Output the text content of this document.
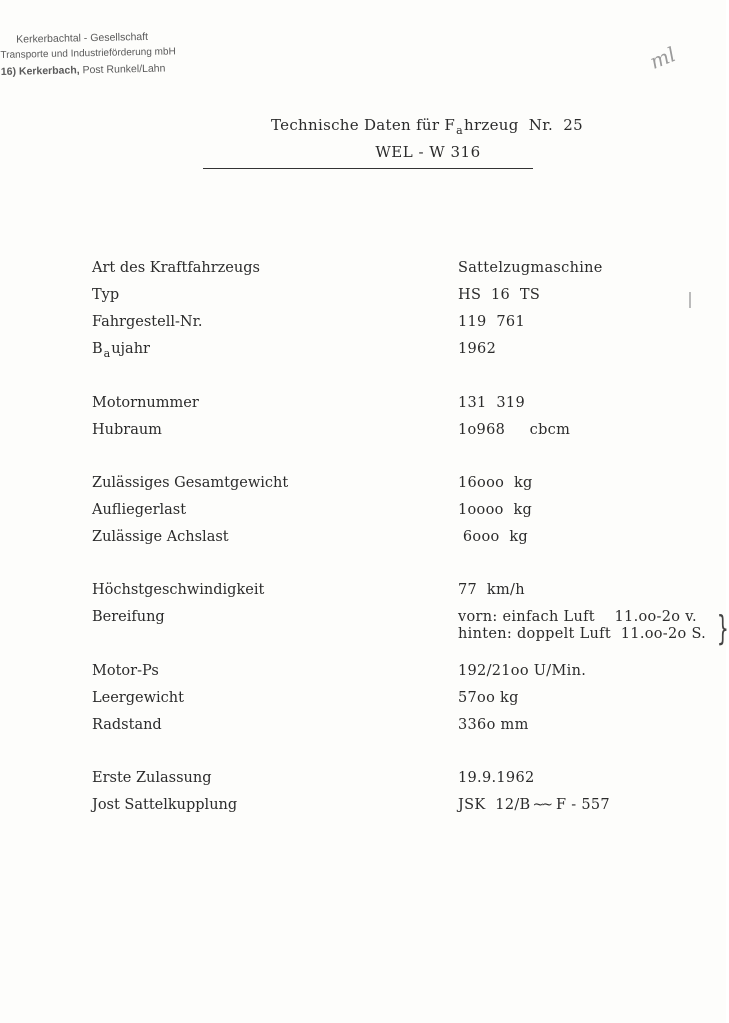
Kerkerbachtal - Gesellschaft
Transporte und Industrieförderung mbH
16) Kerkerbach, Post Runkel/Lahn	ml
Technische Daten für $F_ahrzeug$  Nr.  25
WEL - W 316
Art des Kraftfahrzeugs	Sattelzugmaschine
Typ	HS  16  TS
Fahrgestell-Nr.	119  761
$B_aujahr$	1962
Motornummer	131  319
Hubraum	1o968     cbcm
Zulässiges Gesamtgewicht	16ooo  kg
Aufliegerlast	1oooo  kg
Zulässige Achslast	6ooo  kg
Höchstgeschwindigkeit	77  km/h
Bereifung	vorn: einfach Luft    11.oo-2o v.
hinten: doppelt Luft  11.oo-2o S. }
Motor-Ps	192/21oo U/Min.
Leergewicht	57oo kg
Radstand	336o mm
Erste Zulassung	19.9.1962
Jost Sattelkupplung	JSK  12/B ~~ F - 557
